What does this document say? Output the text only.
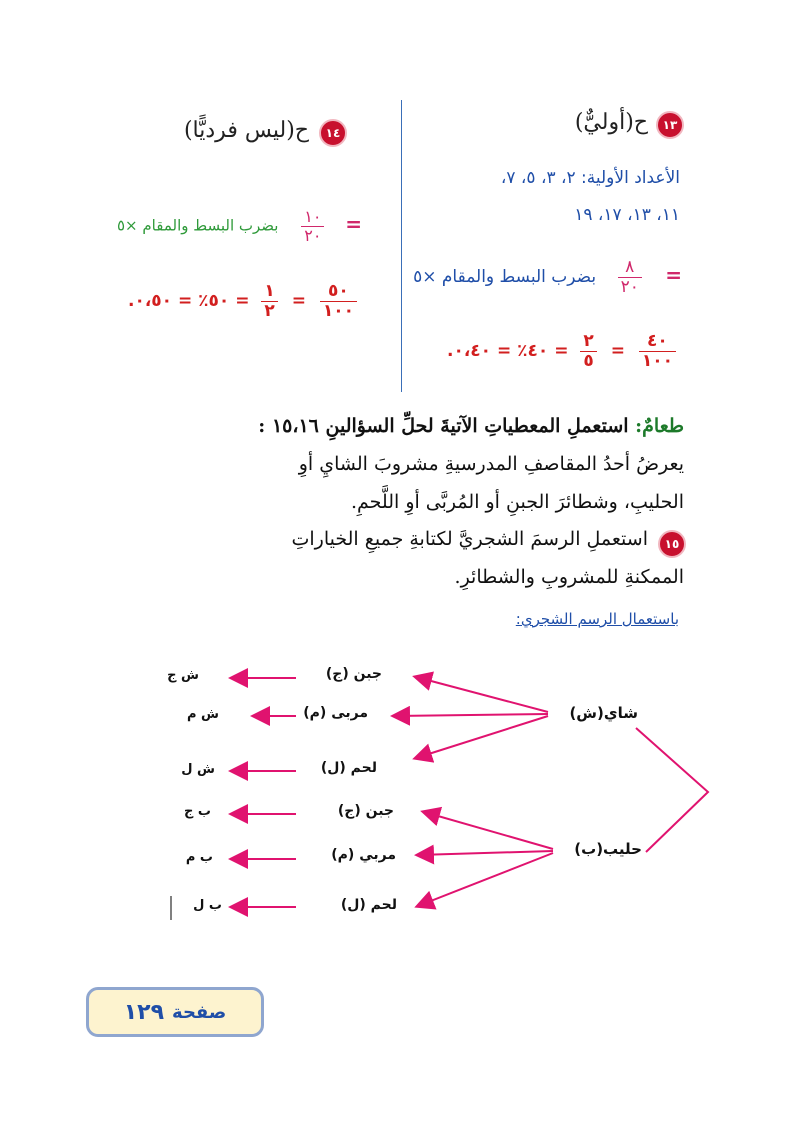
١٣
ح(أوليٌّ)
الأعداد الأولية: ٢، ٣، ٥، ٧،
١١، ١٣، ١٧، ١٩
=
$\frac{٨}{٢٠}$
بضرب البسط والمقام ×٥
$\frac{٤٠}{١٠٠}$
=
$\frac{٢}{٥}$
= ٤٠٪ = ٠،٤٠.
١٤
ح(ليس فرديًّا)
=
$\frac{١٠}{٢٠}$
بضرب البسط والمقام ×٥
$\frac{٥٠}{١٠٠}$
=
$\frac{١}{٢}$
= ٥٠٪ = ٠،٥٠.
طعامٌ: استعملِ المعطياتِ الآتيةَ لحلِّ السؤالينِ ١٥،١٦ :
يعرضُ أحدُ المقاصفِ المدرسيةِ مشروبَ الشايِ أوِ
الحليبِ، وشطائرَ الجبنِ أو المُربَّى أوِ اللَّحمِ.
١٥
استعملِ الرسمَ الشجريَّ لكتابةِ جميعِ الخياراتِ
الممكنةِ للمشروبِ والشطائرِ.
باستعمال الرسم الشجري:
شاي(ش)
حليب(ب)
جبن (ج)
مربى (م)
لحم (ل)
جبن (ج)
مربي (م)
لحم (ل)
ش ج
ش م
ش ل
ب ج
ب م
ب ل
صفحة
١٢٩
